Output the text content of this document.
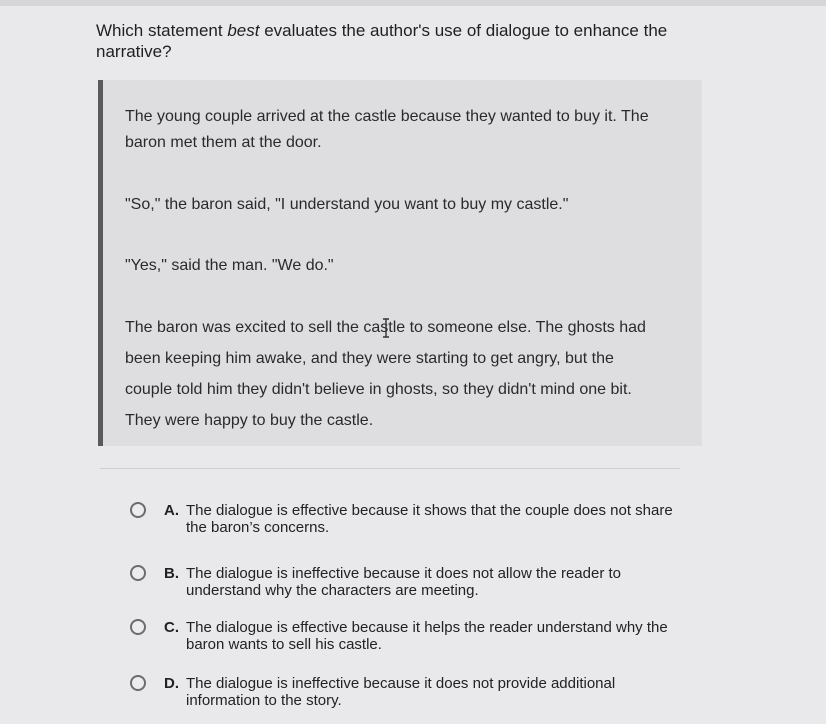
Which statement best evaluates the author's use of dialogue to enhance the narrative?
The young couple arrived at the castle because they wanted to buy it. The baron met them at the door.
"So," the baron said, "I understand you want to buy my castle."
"Yes," said the man. "We do."
The baron was excited to sell the castle to someone else. The ghosts had been keeping him awake, and they were starting to get angry, but the couple told him they didn't believe in ghosts, so they didn't mind one bit. They were happy to buy the castle.
A. The dialogue is effective because it shows that the couple does not share the baron’s concerns.
B. The dialogue is ineffective because it does not allow the reader to understand why the characters are meeting.
C. The dialogue is effective because it helps the reader understand why the baron wants to sell his castle.
D. The dialogue is ineffective because it does not provide additional information to the story.
